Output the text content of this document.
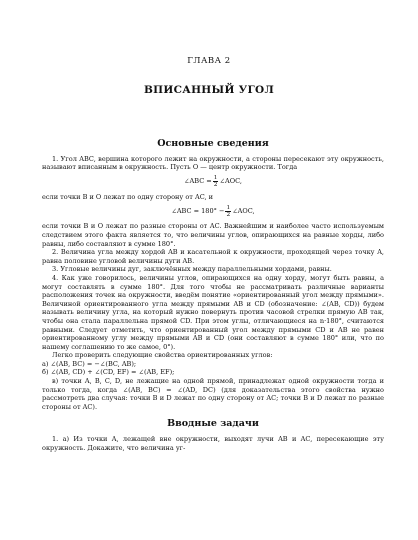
ГЛАВА 2
ВПИСАННЫЙ УГОЛ
Основные сведения

1. Угол ABC, вершина которого лежит на окружности, а стороны пересекают эту окружность, называют вписанным в окружность. Пусть O — центр окружности. Тогда

∠ABC = $\frac{1}{2}$ ∠AOC,

если точки B и O лежат по одну сторону от AC, и

∠ABC = $180^\circ - \frac{1}{2}$ ∠AOC,

если точки B и O лежат по разные стороны от AC. Важнейшим и наиболее часто используемым следствием этого факта является то, что величины углов, опирающихся на равные хорды, либо равны, либо составляют в сумме 180°.

2. Величина угла между хордой AB и касательной к окружности, проходящей через точку A, равна половине угловой величины дуги AB.

3. Угловые величины дуг, заключённых между параллельными хордами, равны.

4. Как уже говорилось, величины углов, опирающихся на одну хорду, могут быть равны, а могут составлять в сумме 180°. Для того чтобы не рассматривать различные варианты расположения точек на окружности, введём понятие «ориентированный угол между прямыми». Величиной ориентированного угла между прямыми AB и CD (обозначение: ∠(AB, CD)) будем называть величину угла, на который нужно повернуть против часовой стрелки прямую AB так, чтобы она стала параллельна прямой CD. При этом углы, отличающиеся на n·180°, считаются равными. Следует отметить, что ориентированный угол между прямыми CD и AB не равен ориентированному углу между прямыми AB и CD (они составляют в сумме 180° или, что по нашему соглашению то же самое, 0°).

Легко проверить следующие свойства ориентированных углов:

а) ∠(AB, BC) = −∠(BC, AB);

б) ∠(AB, CD) + ∠(CD, EF) = ∠(AB, EF);

в) точки A, B, C, D, не лежащие на одной прямой, принадлежат одной окружности тогда и только тогда, когда ∠(AB, BC) = ∠(AD, DC) (для доказательства этого свойства нужно рассмотреть два случая: точки B и D лежат по одну сторону от AC; точки B и D лежат по разные стороны от AC).

Вводные задачи

1. а) Из точки A, лежащей вне окружности, выходят лучи AB и AC, пересекающие эту окружность. Докажите, что величина уг-
